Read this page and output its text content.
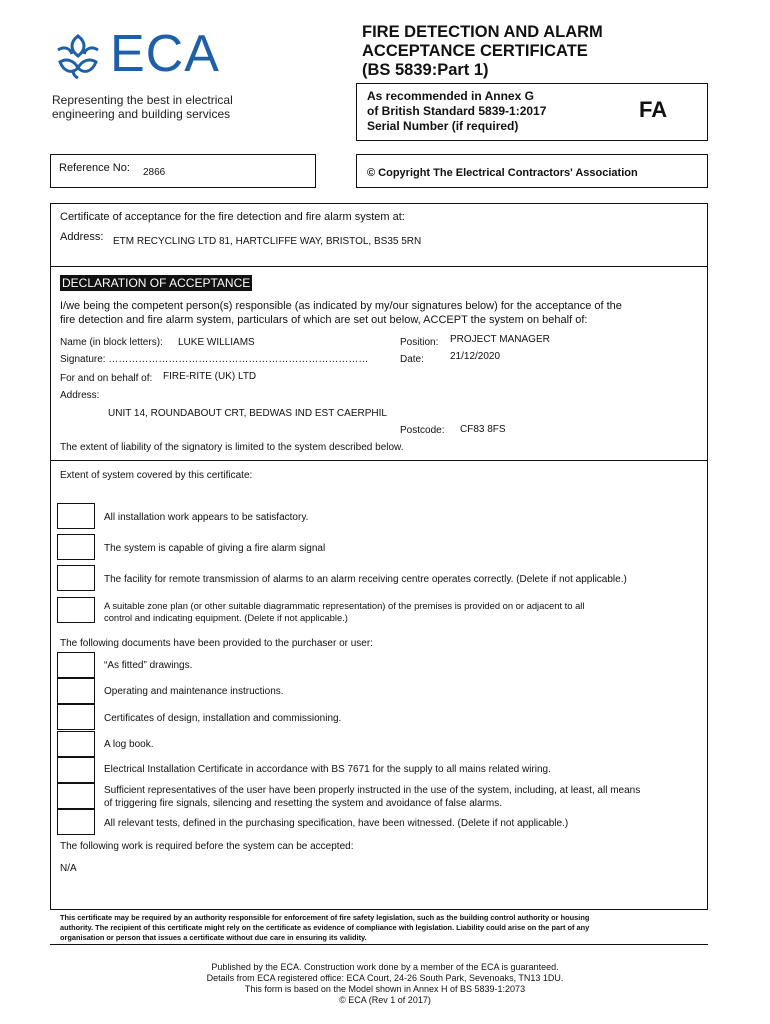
ECA
Representing the best in electrical
engineering and building services
FIRE DETECTION AND ALARM
ACCEPTANCE CERTIFICATE
(BS 5839:Part 1)
As recommended in Annex G
of British Standard 5839-1:2017
Serial Number (if required)
FA
Reference No: 2866	© Copyright The Electrical Contractors' Association
Certificate of acceptance for the fire detection and fire alarm system at:
Address: ETM RECYCLING LTD 81, HARTCLIFFE WAY, BRISTOL, BS35 5RN
DECLARATION OF ACCEPTANCE
I/we being the competent person(s) responsible (as indicated by my/our signatures below) for the acceptance of the
fire detection and fire alarm system, particulars of which are set out below, ACCEPT the system on behalf of:
Name (in block letters): LUKE WILLIAMS	Position: PROJECT MANAGER
Signature: ……………………………………………………………………	Date:	21/12/2020
For and on behalf of: FIRE-RITE (UK) LTD
Address:
UNIT 14, ROUNDABOUT CRT, BEDWAS IND EST CAERPHIL
Postcode: CF83 8FS
The extent of liability of the signatory is limited to the system described below.
Extent of system covered by this certificate:
All installation work appears to be satisfactory.
The system is capable of giving a fire alarm signal
The facility for remote transmission of alarms to an alarm receiving centre operates correctly. (Delete if not applicable.)
A suitable zone plan (or other suitable diagrammatic representation) of the premises is provided on or adjacent to all
control and indicating equipment. (Delete if not applicable.)
The following documents have been provided to the purchaser or user:
“As fitted” drawings.
Operating and maintenance instructions.
Certificates of design, installation and commissioning.
A log book.
Electrical Installation Certificate in accordance with BS 7671 for the supply to all mains related wiring.
Sufficient representatives of the user have been properly instructed in the use of the system, including, at least, all means
of triggering fire signals, silencing and resetting the system and avoidance of false alarms.
All relevant tests, defined in the purchasing specification, have been witnessed. (Delete if not applicable.)
The following work is required before the system can be accepted:
N/A
This certificate may be required by an authority responsible for enforcement of fire safety legislation, such as the building control authority or housing
authority. The recipient of this certificate might rely on the certificate as evidence of compliance with legislation. Liability could arise on the part of any
organisation or person that issues a certificate without due care in ensuring its validity.
Published by the ECA. Construction work done by a member of the ECA is guaranteed.
Details from ECA registered office: ECA Court, 24-26 South Park, Sevenoaks, TN13 1DU.
This form is based on the Model shown in Annex H of BS 5839-1:2073
© ECA (Rev 1 of 2017)
